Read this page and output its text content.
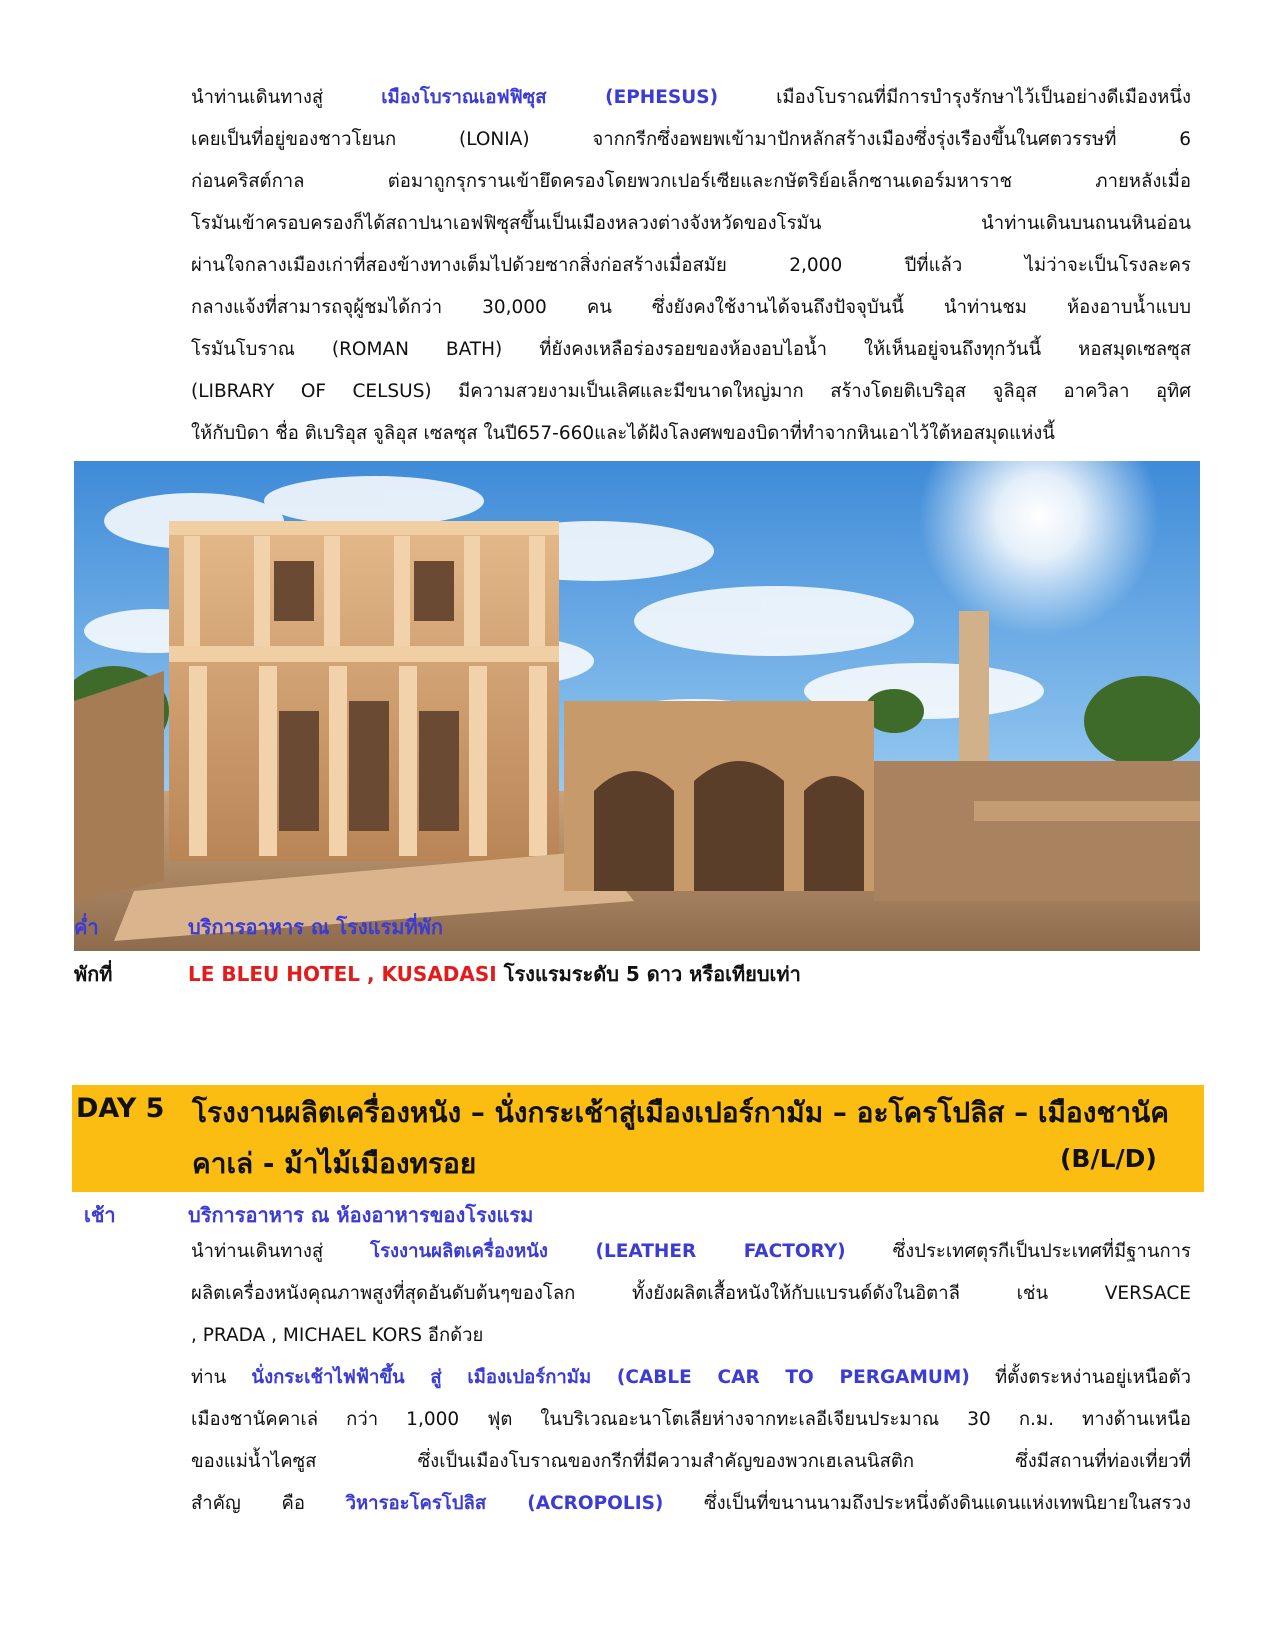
นำท่านเดินทางสู่ เมืองโบราณเอฟฟิซุส (EPHESUS) เมืองโบราณที่มีการบำรุงรักษาไว้เป็นอย่างดีเมืองหนึ่ง
เคยเป็นที่อยู่ของชาวโยนก (LONIA) จากกรีกซึ่งอพยพเข้ามาปักหลักสร้างเมืองซึ่งรุ่งเรืองขึ้นในศตวรรษที่ 6
ก่อนคริสต์กาล ต่อมาถูกรุกรานเข้ายึดครองโดยพวกเปอร์เซียและกษัตริย์อเล็กซานเดอร์มหาราช ภายหลังเมื่อ
โรมันเข้าครอบครองก็ได้สถาปนาเอฟฟิซุสขึ้นเป็นเมืองหลวงต่างจังหวัดของโรมัน นำท่านเดินบนถนนหินอ่อน
ผ่านใจกลางเมืองเก่าที่สองข้างทางเต็มไปด้วยซากสิ่งก่อสร้างเมื่อสมัย 2,000 ปีที่แล้ว ไม่ว่าจะเป็นโรงละคร
กลางแจ้งที่สามารถจุผู้ชมได้กว่า 30,000 คน ซึ่งยังคงใช้งานได้จนถึงปัจจุบันนี้ นำท่านชม ห้องอาบน้ำแบบ
โรมันโบราณ (ROMAN BATH) ที่ยังคงเหลือร่องรอยของห้องอบไอน้ำ ให้เห็นอยู่จนถึงทุกวันนี้ หอสมุดเซลซุส
(LIBRARY OF CELSUS) มีความสวยงามเป็นเลิศและมีขนาดใหญ่มาก สร้างโดยติเบริอุส จูลิอุส อาควิลา อุทิศ
ให้กับบิดา ชื่อ ติเบริอุส จูลิอุส เซลซุส ในปี657-660และได้ฝังโลงศพของบิดาที่ทำจากหินเอาไว้ใต้หอสมุดแห่งนี้
ค่ำ	บริการอาหาร ณ โรงแรมที่พัก
พักที่	LE BLEU HOTEL , KUSADASI โรงแรมระดับ 5 ดาว หรือเทียบเท่า
DAY 5 โรงงานผลิตเครื่องหนัง – นั่งกระเช้าสู่เมืองเปอร์กามัม – อะโครโปลิส – เมืองชานัค
คาเล่ - ม้าไม้เมืองทรอย	(B/L/D)
เช้า	บริการอาหาร ณ ห้องอาหารของโรงแรม
นำท่านเดินทางสู่ โรงงานผลิตเครื่องหนัง (LEATHER FACTORY) ซึ่งประเทศตุรกีเป็นประเทศที่มีฐานการ
ผลิตเครื่องหนังคุณภาพสูงที่สุดอันดับต้นๆของโลก ทั้งยังผลิตเสื้อหนังให้กับแบรนด์ดังในอิตาลี เช่น VERSACE
, PRADA , MICHAEL KORS อีกด้วย
ท่าน นั่งกระเช้าไฟฟ้าขึ้น สู่ เมืองเปอร์กามัม (CABLE CAR TO PERGAMUM) ที่ตั้งตระหง่านอยู่เหนือตัว
เมืองชานัคคาเล่ กว่า 1,000 ฟุต ในบริเวณอะนาโตเลียห่างจากทะเลอีเจียนประมาณ 30 ก.ม. ทางด้านเหนือ
ของแม่น้ำไคซูส ซึ่งเป็นเมืองโบราณของกรีกที่มีความสำคัญของพวกเฮเลนนิสติก ซึ่งมีสถานที่ท่องเที่ยวที่
สำคัญ คือ วิหารอะโครโปลิส (ACROPOLIS) ซึ่งเป็นที่ขนานนามถึงประหนึ่งดังดินแดนแห่งเทพนิยายในสรวง
